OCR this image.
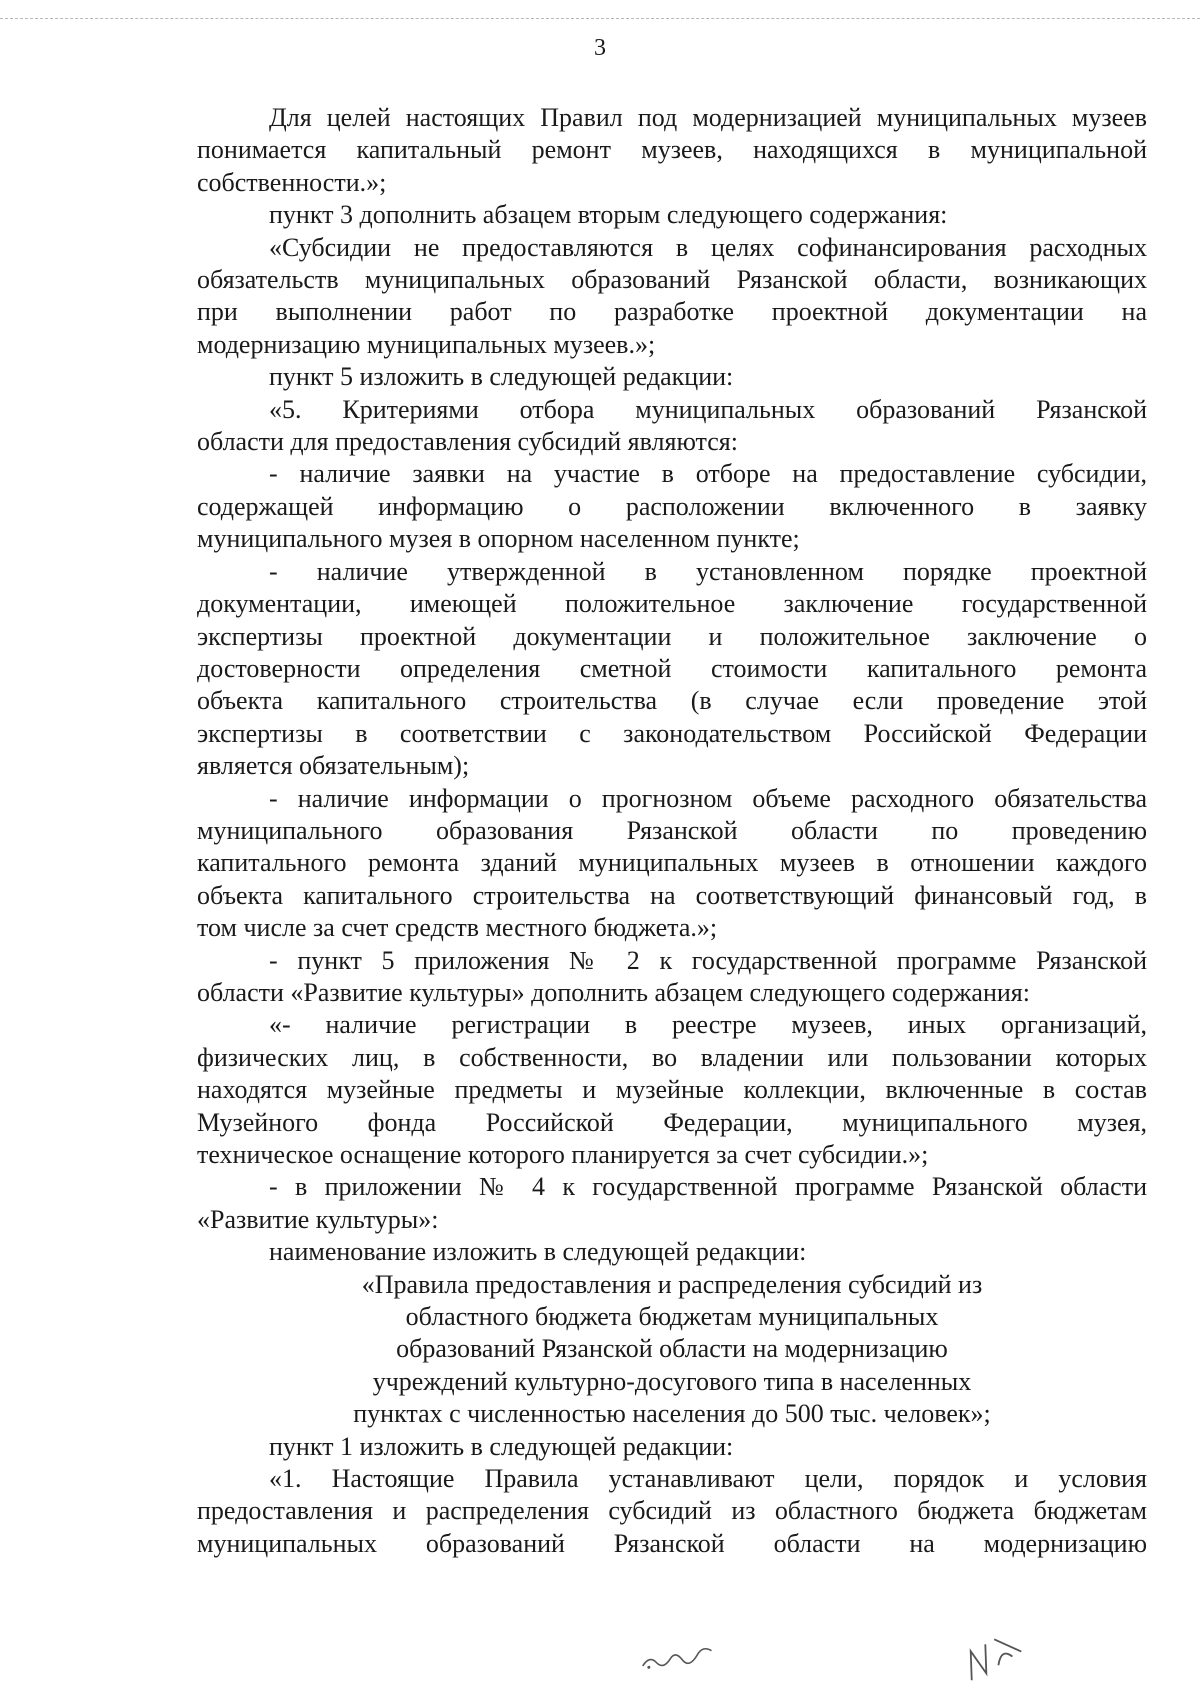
3

Для целей настоящих Правил под модернизацией муниципальных музеев
понимается капитальный ремонт музеев, находящихся в муниципальной
собственности.»;

пункт 3 дополнить абзацем вторым следующего содержания:

«Субсидии не предоставляются в целях софинансирования расходных
обязательств муниципальных образований Рязанской области, возникающих
при выполнении работ по разработке проектной документации на
модернизацию муниципальных музеев.»;

пункт 5 изложить в следующей редакции:

«5. Критериями отбора муниципальных образований Рязанской
области для предоставления субсидий являются:

- наличие заявки на участие в отборе на предоставление субсидии,
содержащей информацию о расположении включенного в заявку
муниципального музея в опорном населенном пункте;

- наличие утвержденной в установленном порядке проектной
документации, имеющей положительное заключение государственной
экспертизы проектной документации и положительное заключение о
достоверности определения сметной стоимости капитального ремонта
объекта капитального строительства (в случае если проведение этой
экспертизы в соответствии с законодательством Российской Федерации
является обязательным);

- наличие информации о прогнозном объеме расходного обязательства
муниципального образования Рязанской области по проведению
капитального ремонта зданий муниципальных музеев в отношении каждого
объекта капитального строительства на соответствующий финансовый год, в
том числе за счет средств местного бюджета.»;

- пункт 5 приложения № 2 к государственной программе Рязанской
области «Развитие культуры» дополнить абзацем следующего содержания:

«- наличие регистрации в реестре музеев, иных организаций,
физических лиц, в собственности, во владении или пользовании которых
находятся музейные предметы и музейные коллекции, включенные в состав
Музейного фонда Российской Федерации, муниципального музея,
техническое оснащение которого планируется за счет субсидии.»;

- в приложении № 4 к государственной программе Рязанской области
«Развитие культуры»:

наименование изложить в следующей редакции:

«Правила предоставления и распределения субсидий из
областного бюджета бюджетам муниципальных
образований Рязанской области на модернизацию
учреждений культурно-досугового типа в населенных
пунктах с численностью населения до 500 тыс. человек»;

пункт 1 изложить в следующей редакции:

«1. Настоящие Правила устанавливают цели, порядок и условия
предоставления и распределения субсидий из областного бюджета бюджетам
муниципальных образований Рязанской области на модернизацию
